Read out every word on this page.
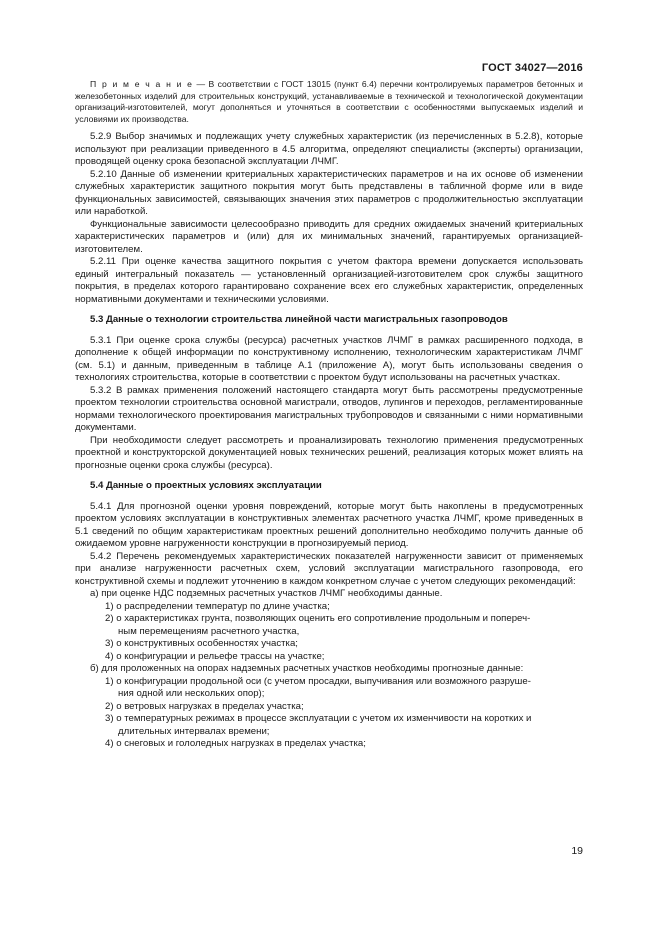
ГОСТ 34027—2016

П р и м е ч а н и е — В соответствии с ГОСТ 13015 (пункт 6.4) перечни контролируемых параметров бетонных и железобетонных изделий для строительных конструкций, устанавливаемые в технической и технологической документации организаций-изготовителей, могут дополняться и уточняться в соответствии с особенностями выпускаемых изделий и условиями их производства.

5.2.9 Выбор значимых и подлежащих учету служебных характеристик (из перечисленных в 5.2.8), которые используют при реализации приведенного в 4.5 алгоритма, определяют специалисты (эксперты) организации, проводящей оценку срока безопасной эксплуатации ЛЧМГ.

5.2.10 Данные об изменении критериальных характеристических параметров и на их основе об изменении служебных характеристик защитного покрытия могут быть представлены в табличной форме или в виде функциональных зависимостей, связывающих значения этих параметров с продолжительностью эксплуатации или наработкой.

Функциональные зависимости целесообразно приводить для средних ожидаемых значений критериальных характеристических параметров и (или) для их минимальных значений, гарантируемых организацией-изготовителем.

5.2.11 При оценке качества защитного покрытия с учетом фактора времени допускается использовать единый интегральный показатель — установленный организацией-изготовителем срок службы защитного покрытия, в пределах которого гарантировано сохранение всех его служебных характеристик, определенных нормативными документами и техническими условиями.

5.3 Данные о технологии строительства линейной части магистральных газопроводов

5.3.1 При оценке срока службы (ресурса) расчетных участков ЛЧМГ в рамках расширенного подхода, в дополнение к общей информации по конструктивному исполнению, технологическим характеристикам ЛЧМГ (см. 5.1) и данным, приведенным в таблице А.1 (приложение А), могут быть использованы сведения о технологиях строительства, которые в соответствии с проектом будут использованы на расчетных участках.

5.3.2 В рамках применения положений настоящего стандарта могут быть рассмотрены предусмотренные проектом технологии строительства основной магистрали, отводов, лупингов и переходов, регламентированные нормами технологического проектирования магистральных трубопроводов и связанными с ними нормативными документами.

При необходимости следует рассмотреть и проанализировать технологию применения предусмотренных проектной и конструкторской документацией новых технических решений, реализация которых может влиять на прогнозные оценки срока службы (ресурса).

5.4 Данные о проектных условиях эксплуатации

5.4.1 Для прогнозной оценки уровня повреждений, которые могут быть накоплены в предусмотренных проектом условиях эксплуатации в конструктивных элементах расчетного участка ЛЧМГ, кроме приведенных в 5.1 сведений по общим характеристикам проектных решений дополнительно необходимо получить данные об ожидаемом уровне нагруженности конструкции в прогнозируемый период.

5.4.2 Перечень рекомендуемых характеристических показателей нагруженности зависит от применяемых при анализе нагруженности расчетных схем, условий эксплуатации магистрального газопровода, его конструктивной схемы и подлежит уточнению в каждом конкретном случае с учетом следующих рекомендаций:

а) при оценке НДС подземных расчетных участков ЛЧМГ необходимы данные.

1) о распределении температур по длине участка;

2) о характеристиках грунта, позволяющих оценить его сопротивление продольным и попереч-
ным перемещениям расчетного участка,

3) о конструктивных особенностях участка;

4) о конфигурации и рельефе трассы на участке;

б) для проложенных на опорах надземных расчетных участков необходимы прогнозные данные:

1) о конфигурации продольной оси (с учетом просадки, выпучивания или возможного разруше-
ния одной или нескольких опор);

2) о ветровых нагрузках в пределах участка;

3) о температурных режимах в процессе эксплуатации с учетом их изменчивости на коротких и
длительных интервалах времени;

4) о снеговых и гололедных нагрузках в пределах участка;

19
